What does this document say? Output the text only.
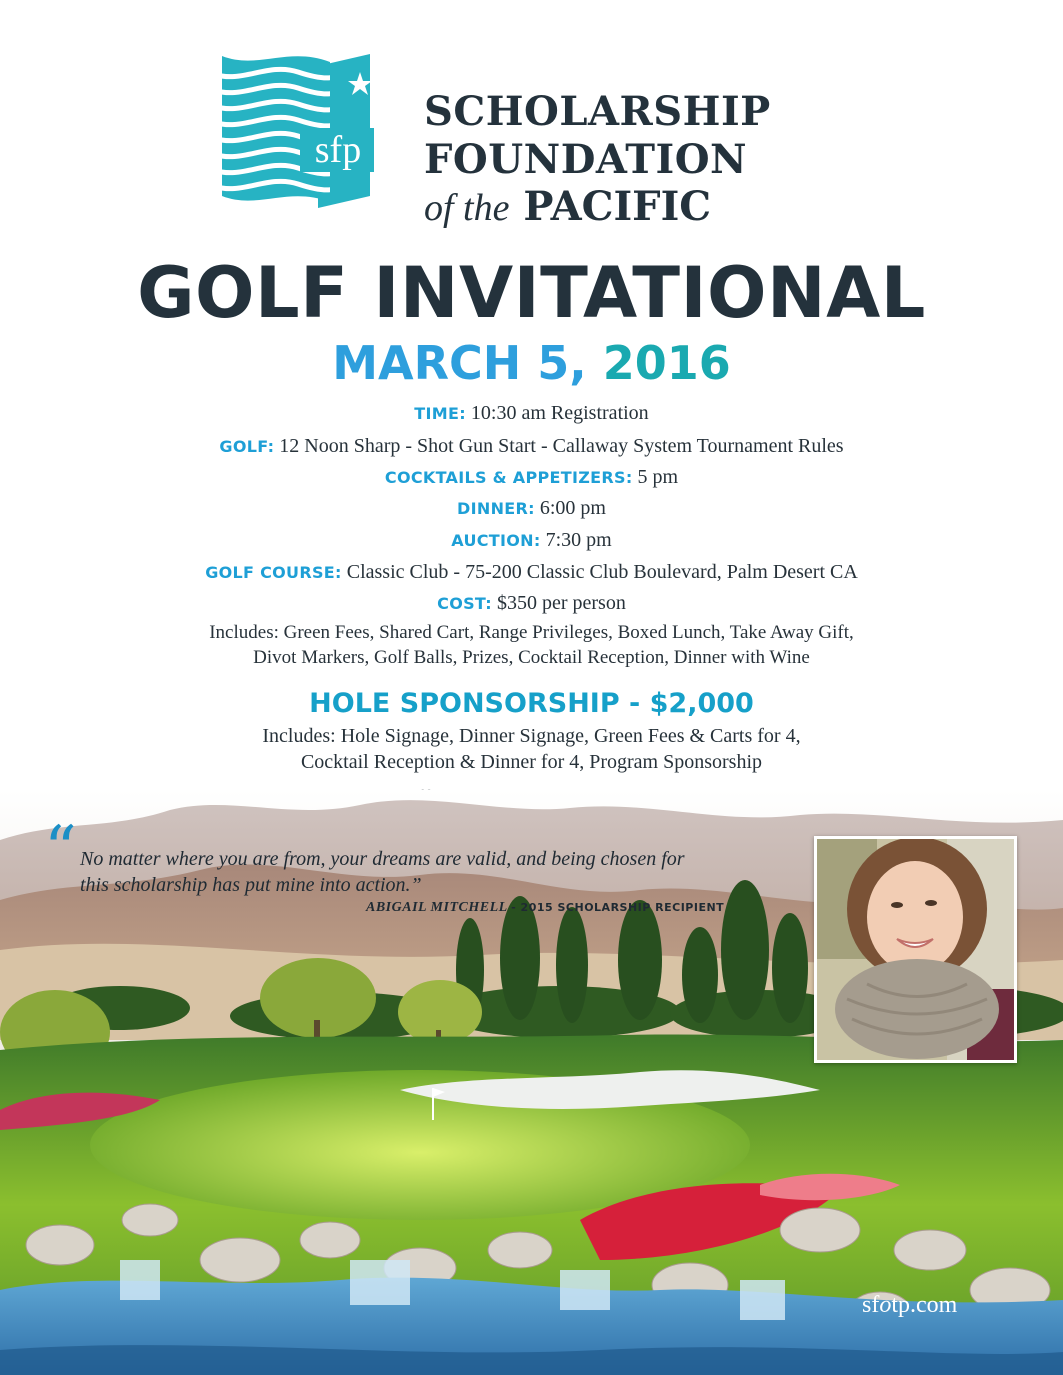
sfp
SCHOLARSHIP
FOUNDATION
of the PACIFIC
GOLF INVITATIONAL
MARCH 5, 2016
TIME: 10:30 am Registration
GOLF: 12 Noon Sharp - Shot Gun Start - Callaway System Tournament Rules
COCKTAILS & APPETIZERS: 5 pm
DINNER: 6:00 pm
AUCTION: 7:30 pm
GOLF COURSE: Classic Club - 75-200 Classic Club Boulevard, Palm Desert CA
COST: $350 per person
Includes: Green Fees, Shared Cart, Range Privileges, Boxed Lunch, Take Away Gift,
Divot Markers, Golf Balls, Prizes, Cocktail Reception, Dinner with Wine
HOLE SPONSORSHIP - $2,000
Includes: Hole Signage, Dinner Signage, Green Fees & Carts for 4,
Cocktail Reception & Dinner for 4, Program Sponsorship
“ No matter where you are from, your dreams are valid, and being chosen for
this scholarship has put mine into action.”
ABIGAIL MITCHELL - 2015 SCHOLARSHIP RECIPIENT
sfotp.com
